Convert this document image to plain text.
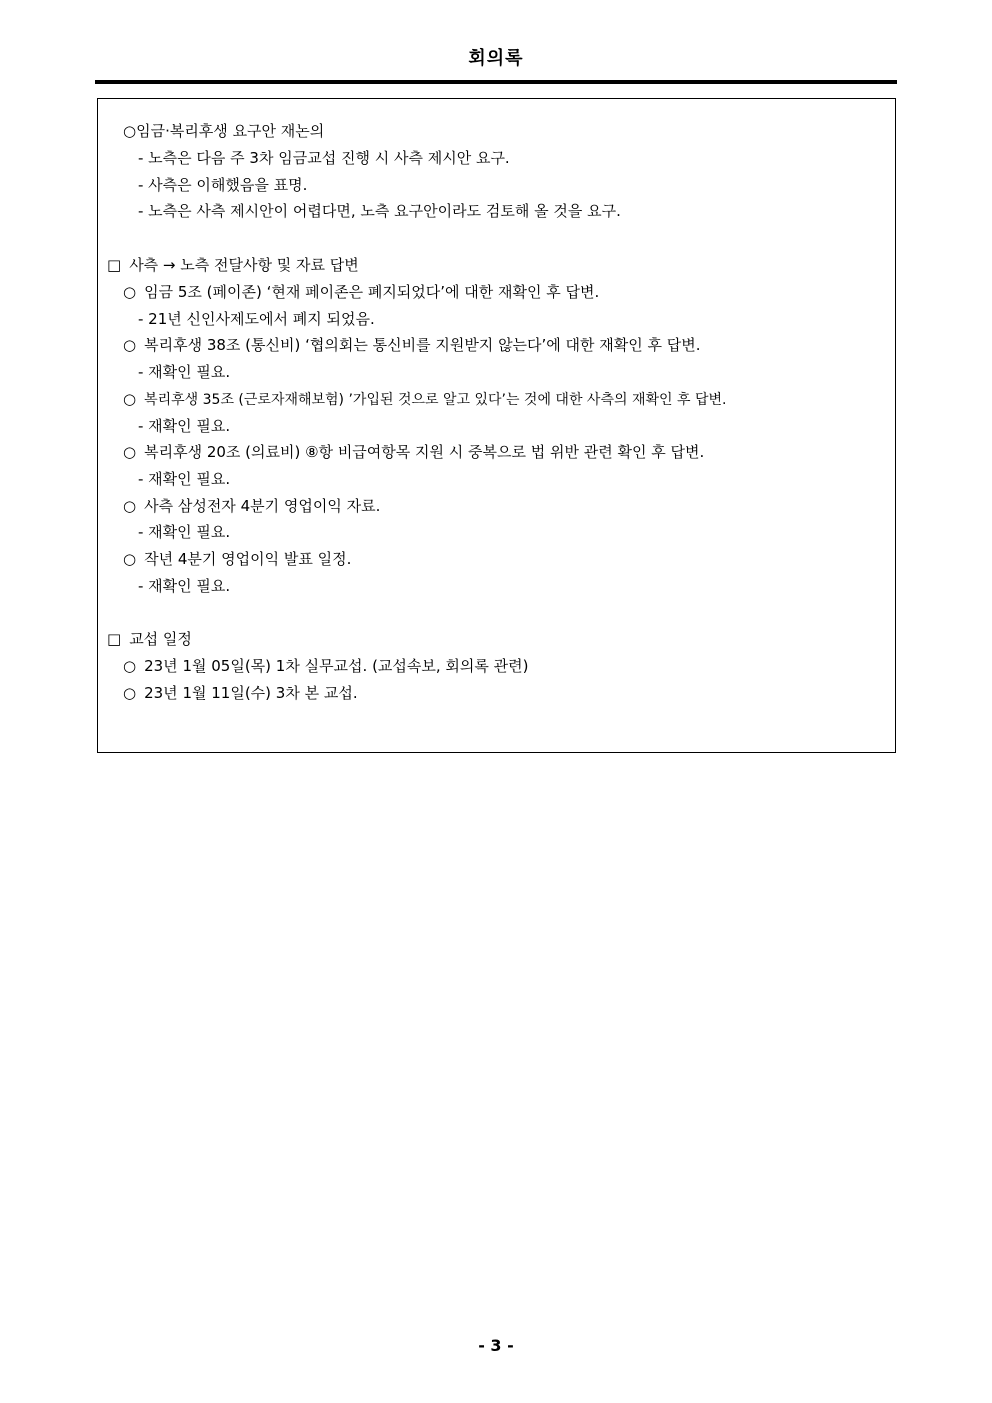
회의록
○임금·복리후생 요구안 재논의
- 노측은 다음 주 3차 임금교섭 진행 시 사측 제시안 요구.
- 사측은 이해했음을 표명.
- 노측은 사측 제시안이 어렵다면, 노측 요구안이라도 검토해 올 것을 요구.
□ 사측 → 노측 전달사항 및 자료 답변
○ 임금 5조 (페이존) ‘현재 페이존은 폐지되었다’에 대한 재확인 후 답변.
- 21년 신인사제도에서 폐지 되었음.
○ 복리후생 38조 (통신비) ‘협의회는 통신비를 지원받지 않는다’에 대한 재확인 후 답변.
- 재확인 필요.
○ 복리후생 35조 (근로자재해보험) ’가입된 것으로 알고 있다’는 것에 대한 사측의 재확인 후 답변.
- 재확인 필요.
○ 복리후생 20조 (의료비) ⑧항 비급여항목 지원 시 중복으로 법 위반 관련 확인 후 답변.
- 재확인 필요.
○ 사측 삼성전자 4분기 영업이익 자료.
- 재확인 필요.
○ 작년 4분기 영업이익 발표 일정.
- 재확인 필요.
□ 교섭 일정
○ 23년 1월 05일(목) 1차 실무교섭. (교섭속보, 회의록 관련)
○ 23년 1월 11일(수) 3차 본 교섭.
- 3 -
